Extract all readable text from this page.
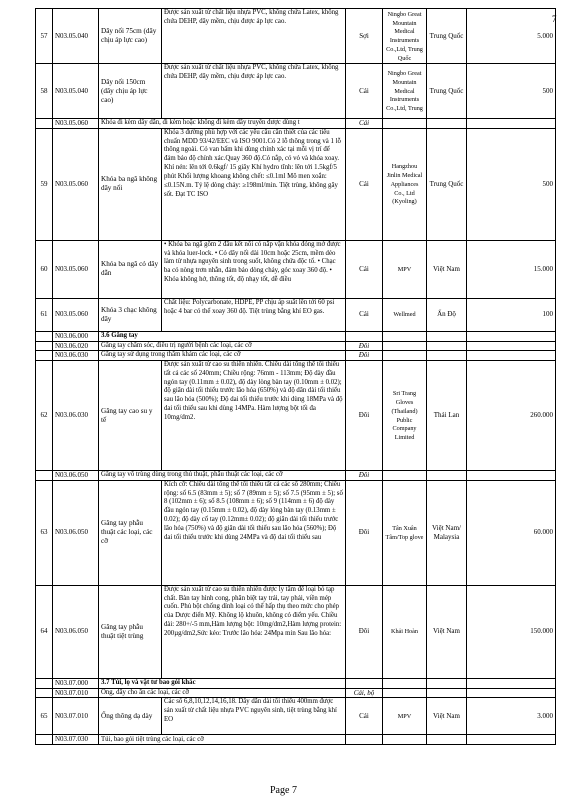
7
57	N03.05.040	Dây nối 75cm (dây chịu áp lực cao)	Được sản xuất từ chất liệu nhựa PVC, không chứa Latex, không chứa DEHP, dây mềm, chịu được áp lực cao.	Sợi	Ningbo Great Mountain Medical Instruments Co.,Ltd, Trung Quốc	Trung Quốc	5.000
58	N03.05.040	Dây nối 150cm (dây chịu áp lực cao)	Được sản xuất từ chất liệu nhựa PVC, không chứa Latex, không chứa DEHP, dây mềm, chịu được áp lực cao.	Cái	Ningbo Great Mountain Medical Instruments Co.,Ltd, Trung	Trung Quốc	500
	N03.05.060	Khóa đi kèm dây dẫn, đi kèm hoặc không đi kèm dây truyền dược dùng t		Cái			
59	N03.05.060	Khóa ba ngã không dây nối	Khóa 3 đường phù hợp với các yêu cầu cần thiết của các tiêu chuẩn MDD 93/42/EEC và ISO 9001.Có 2 lỗ thông trong và 1 lỗ thông ngoài. Có van bấm khi dùng chính xác tại mỗi vị trí để đảm bảo độ chính xác.Quay 360 độ.Có nắp, có vỏ và khóa xoay. Khí nén: lên tới 0.6kgf/ 15 giây Khí hydro tĩnh: lên tới 1.5kgf/5 phút Khối lượng khoang không chết: ≤0.1ml Mô men xoắn: ≤0.15N.m. Tỷ lệ dòng chảy: ≥198ml/min. Tiệt trùng, không gây sốt. Đạt TC ISO	Cái	Hangzhou Jinlin Medical Appliances Co., Ltd (Kyoling)	Trung Quốc	500
60	N03.05.060	Khóa ba ngã có dây dẫn	• Khóa ba ngã gồm 2 đầu kết nối có nắp vặn khóa đóng mở được và khóa luer-lock. • Có dây nối dài 10cm hoặc 25cm, mềm dẻo làm từ nhựa nguyên sinh trong suốt, không chứa độc tố. • Chạc ba có nòng trơn nhẵn, đảm bảo dòng chảy, góc xoay 360 độ. • Khóa không hở, thông tốt, độ nhạy tốt, dễ điều	Cái	MPV	Việt Nam	15.000
61	N03.05.060	Khóa 3 chạc không dây	Chất liệu: Polycarbonate, HDPE, PP chịu áp suất lên tới 60 psi hoặc 4 bar có thể xoay 360 độ. Tiệt trùng bằng khí EO gas.	Cái	Wellmed	Ấn Độ	100
	N03.06.000	3.6 Găng tay					
	N03.06.020	Găng tay chăm sóc, điều trị người bệnh các loại, các cỡ		Đôi			
	N03.06.030	Găng tay sử dụng trong thăm khám các loại, các cỡ		Đôi			
62	N03.06.030	Găng tay cao su y tế	Được sản xuất từ cao su thiên nhiên. Chiều dài tổng thể tối thiểu tất cả các số 240mm; Chiều rộng: 76mm - 113mm; Độ dày đầu ngón tay (0.11mm ± 0.02), độ dày lòng bàn tay (0.10mm ± 0.02); độ giãn dài tối thiểu trước lão hóa (650%) và độ dãn dài tối thiểu sau lão hóa (500%); Độ dai tối thiểu trước khi dùng 18MPa và độ dai tối thiểu sau khi dùng 14MPa. Hàm lượng bột tối đa 10mg/dm2.	Đôi	Sri Trang Gloves (Thailand) Public Company Limited	Thái Lan	260.000
	N03.06.050	Găng tay vô trùng dùng trong thủ thuật, phẫu thuật các loại, các cỡ		Đôi			
63	N03.06.050	Găng tay phẫu thuật các loại, các cỡ	Kích cỡ: Chiều dài tổng thể tối thiểu tất cả các số 280mm; Chiều rộng: số 6.5 (83mm ± 5); số 7 (89mm ± 5); số 7.5 (95mm ± 5); số 8 (102mm ± 6); số 8.5 (108mm ± 6); số 9 (114mm ± 6) độ dày đầu ngón tay (0.15mm ± 0.02), độ dày lòng bàn tay (0.13mm ± 0.02); độ dày cổ tay (0.12mm± 0.02); độ giãn dài tối thiểu trước lão hóa (750%) và độ giãn dài tối thiểu sau lão hóa (560%); Độ dai tối thiểu trước khi dùng 24MPa và độ dai tối thiểu sau	Đôi	Tân Xuân Tâm/Top glove	Việt Nam/ Malaysia	60.000
64	N03.06.050	Găng tay phẫu thuật tiệt trùng	Được sản xuất từ cao su thiên nhiên được ly tâm để loại bỏ tạp chất. Bàn tay hình cong, phân biệt tay trái, tay phải, viền mép cuốn. Phủ bột chống dính loại có thể hấp thụ theo mức cho phép của Dược điển Mỹ. Không lộ khuôn, không có điểm yếu. Chiều dài: 280+/-5 mm,Hàm lượng bột: 10mg/dm2,Hàm lượng protein: 200µg/dm2,Sức kéo: Trước lão hóa: 24Mpa min Sau lão hóa:	Đôi	Khải Hoàn	Việt Nam	150.000
	N03.07.000	3.7 Túi, lọ và vật tư bao gói khác					
	N03.07.010	Ống, dây cho ăn các loại, các cỡ		Cái, bộ			
65	N03.07.010	Ống thông dạ dày	Các số 6,8,10,12,14,16,18. Dây dẫn dài tối thiểu 400mm được sản xuất từ chất liệu nhựa PVC nguyên sinh, tiệt trùng bằng khí EO	Cái	MPV	Việt Nam	3.000
	N03.07.030	Túi, bao gói tiệt trùng các loại, các cỡ					
Page 7
